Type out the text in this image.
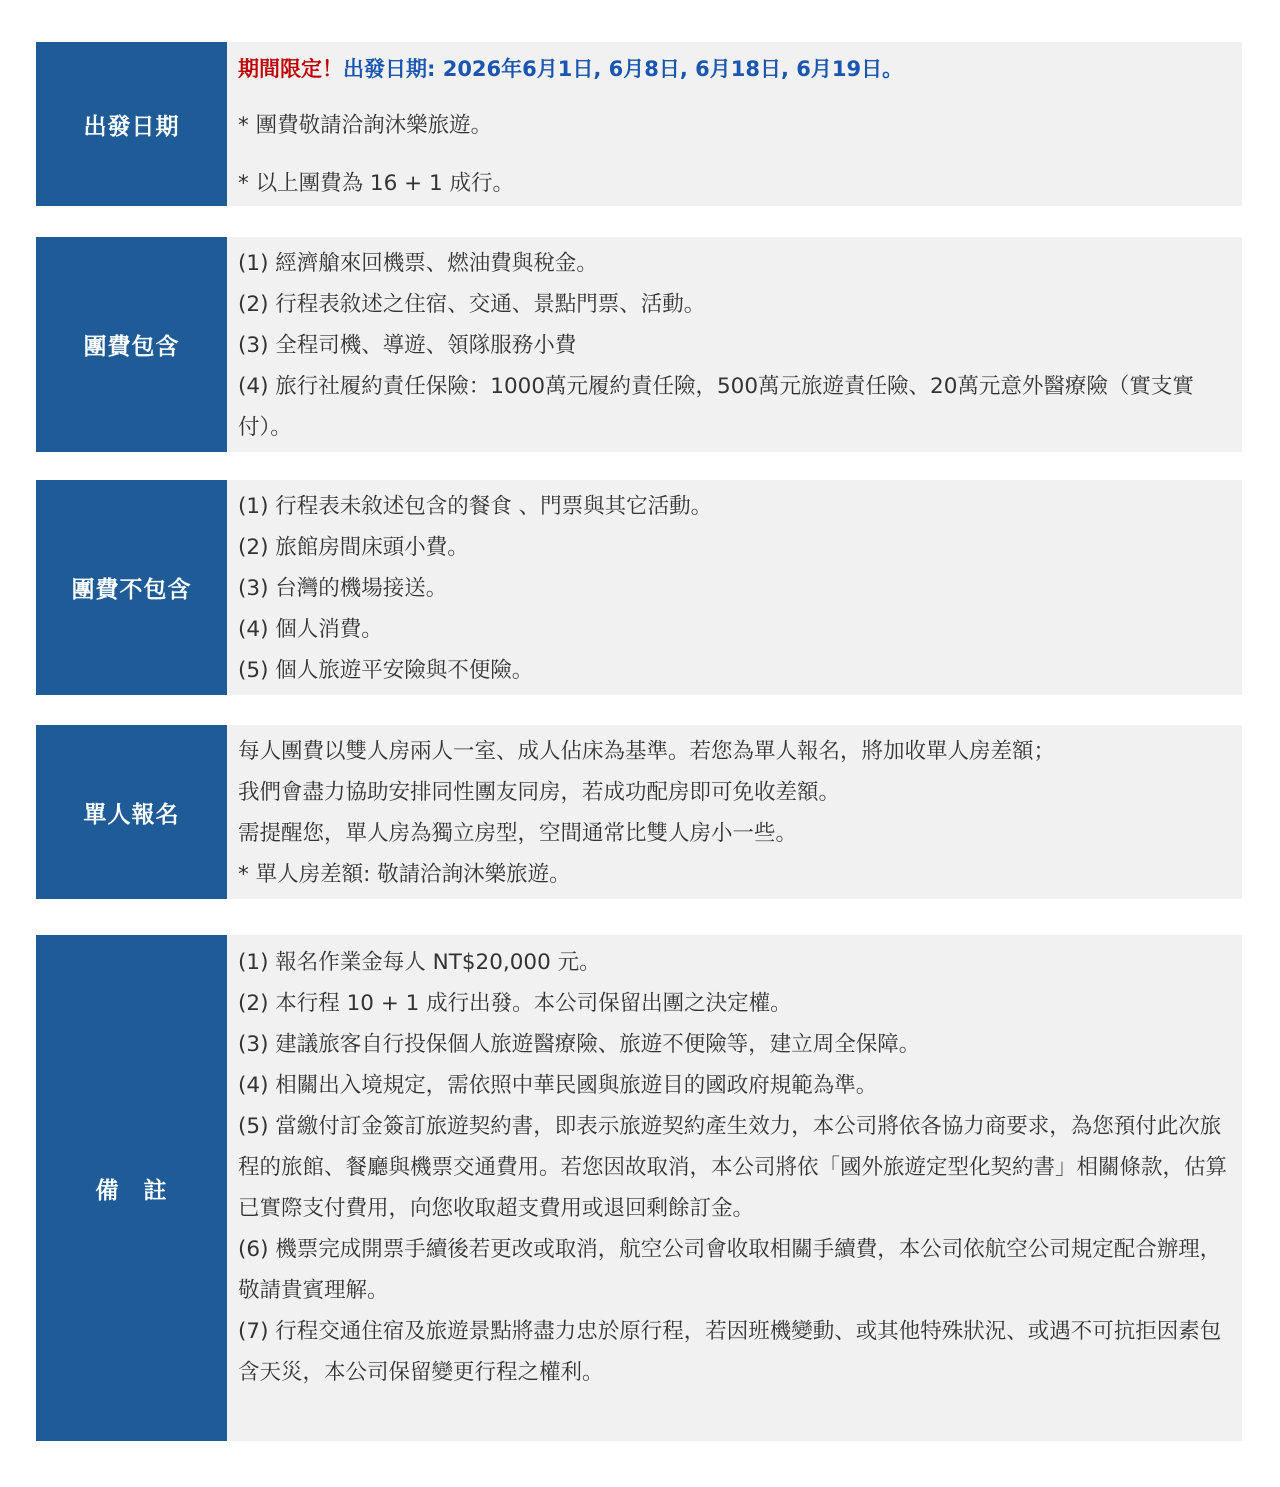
出發日期

期間限定！出發日期: 2026年6月1日, 6月8日, 6月18日, 6月19日。

* 團費敬請洽詢沐樂旅遊。

* 以上團費為 16 + 1 成行。

團費包含

(1) 經濟艙來回機票、燃油費與稅金。

(2) 行程表敘述之住宿、交通、景點門票、活動。

(3) 全程司機、導遊、領隊服務小費

(4) 旅行社履約責任保險：1000萬元履約責任險，500萬元旅遊責任險、20萬元意外醫療險（實支實付）。

團費不包含

(1) 行程表未敘述包含的餐食 、門票與其它活動。

(2) 旅館房間床頭小費。

(3) 台灣的機場接送。

(4) 個人消費。

(5) 個人旅遊平安險與不便險。

單人報名

每人團費以雙人房兩人一室、成人佔床為基準。若您為單人報名，將加收單人房差額；

我們會盡力協助安排同性團友同房，若成功配房即可免收差額。

需提醒您，單人房為獨立房型，空間通常比雙人房小一些。

* 單人房差額: 敬請洽詢沐樂旅遊。

備　註

(1) 報名作業金每人 NT$20,000 元。

(2) 本行程 10 + 1 成行出發。本公司保留出團之決定權。

(3) 建議旅客自行投保個人旅遊醫療險、旅遊不便險等，建立周全保障。

(4) 相關出入境規定，需依照中華民國與旅遊目的國政府規範為準。

(5) 當繳付訂金簽訂旅遊契約書，即表示旅遊契約產生效力，本公司將依各協力商要求，為您預付此次旅程的旅館、餐廳與機票交通費用。若您因故取消，本公司將依「國外旅遊定型化契約書」相關條款，估算已實際支付費用，向您收取超支費用或退回剩餘訂金。

(6) 機票完成開票手續後若更改或取消，航空公司會收取相關手續費，本公司依航空公司規定配合辦理，敬請貴賓理解。

(7) 行程交通住宿及旅遊景點將盡力忠於原行程，若因班機變動、或其他特殊狀況、或遇不可抗拒因素包含天災，本公司保留變更行程之權利。
